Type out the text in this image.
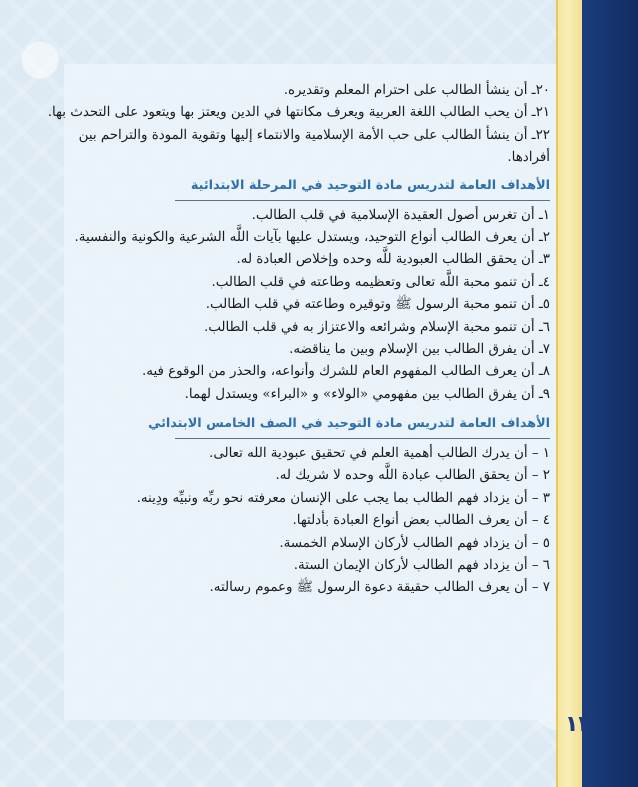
٢٠ـ أن ينشأ الطالب على احترام المعلم وتقديره.
٢١ـ أن يحب الطالب اللغة العربية ويعرف مكانتها في الدين ويعتز بها ويتعود على التحدث بها.
٢٢ـ أن ينشأ الطالب على حب الأمة الإسلامية والانتماء إليها وتقوية المودة والتراحم بين
أفرادها.
الأهداف العامة لتدريس مادة التوحيد في المرحلة الابتدائية
١ـ أن تغرس أصول العقيدة الإسلامية في قلب الطالب.
٢ـ أن يعرف الطالب أنواع التوحيد، ويستدل عليها بآيات اللَّه الشرعية والكونية والنفسية.
٣ـ أن يحقق الطالب العبودية للَّه وحده وإخلاص العبادة له.
٤ـ أن تنمو محبة اللَّه تعالى وتعظيمه وطاعته في قلب الطالب.
٥ـ أن تنمو محبة الرسول ﷺ وتوقيره وطاعته في قلب الطالب.
٦ـ أن تنمو محبة الإسلام وشرائعه والاعتزاز به في قلب الطالب.
٧ـ أن يفرق الطالب بين الإسلام وبين ما يناقضه.
٨ـ أن يعرف الطالب المفهوم العام للشرك وأنواعه، والحذر من الوقوع فيه.
٩ـ أن يفرق الطالب بين مفهومي «الولاء» و «البراء» ويستدل لهما.
الأهداف العامة لتدريس مادة التوحيد في الصف الخامس الابتدائي
١ – أن يدرك الطالب أهمية العلم في تحقيق عبودية الله تعالى.
٢ – أن يحقق الطالب عبادة اللَّه وحده لا شريك له.
٣ – أن يزداد فهم الطالب بما يجب على الإنسان معرفته نحو ربِّه ونبيِّه ودِينه.
٤ – أن يعرف الطالب بعض أنواع العبادة بأدلتها.
٥ – أن يزداد فهم الطالب لأركان الإسلام الخمسة.
٦ – أن يزداد فهم الطالب لأركان الإيمان الستة.
٧ – أن يعرف الطالب حقيقة دعوة الرسول ﷺ وعموم رسالته.
١٢
